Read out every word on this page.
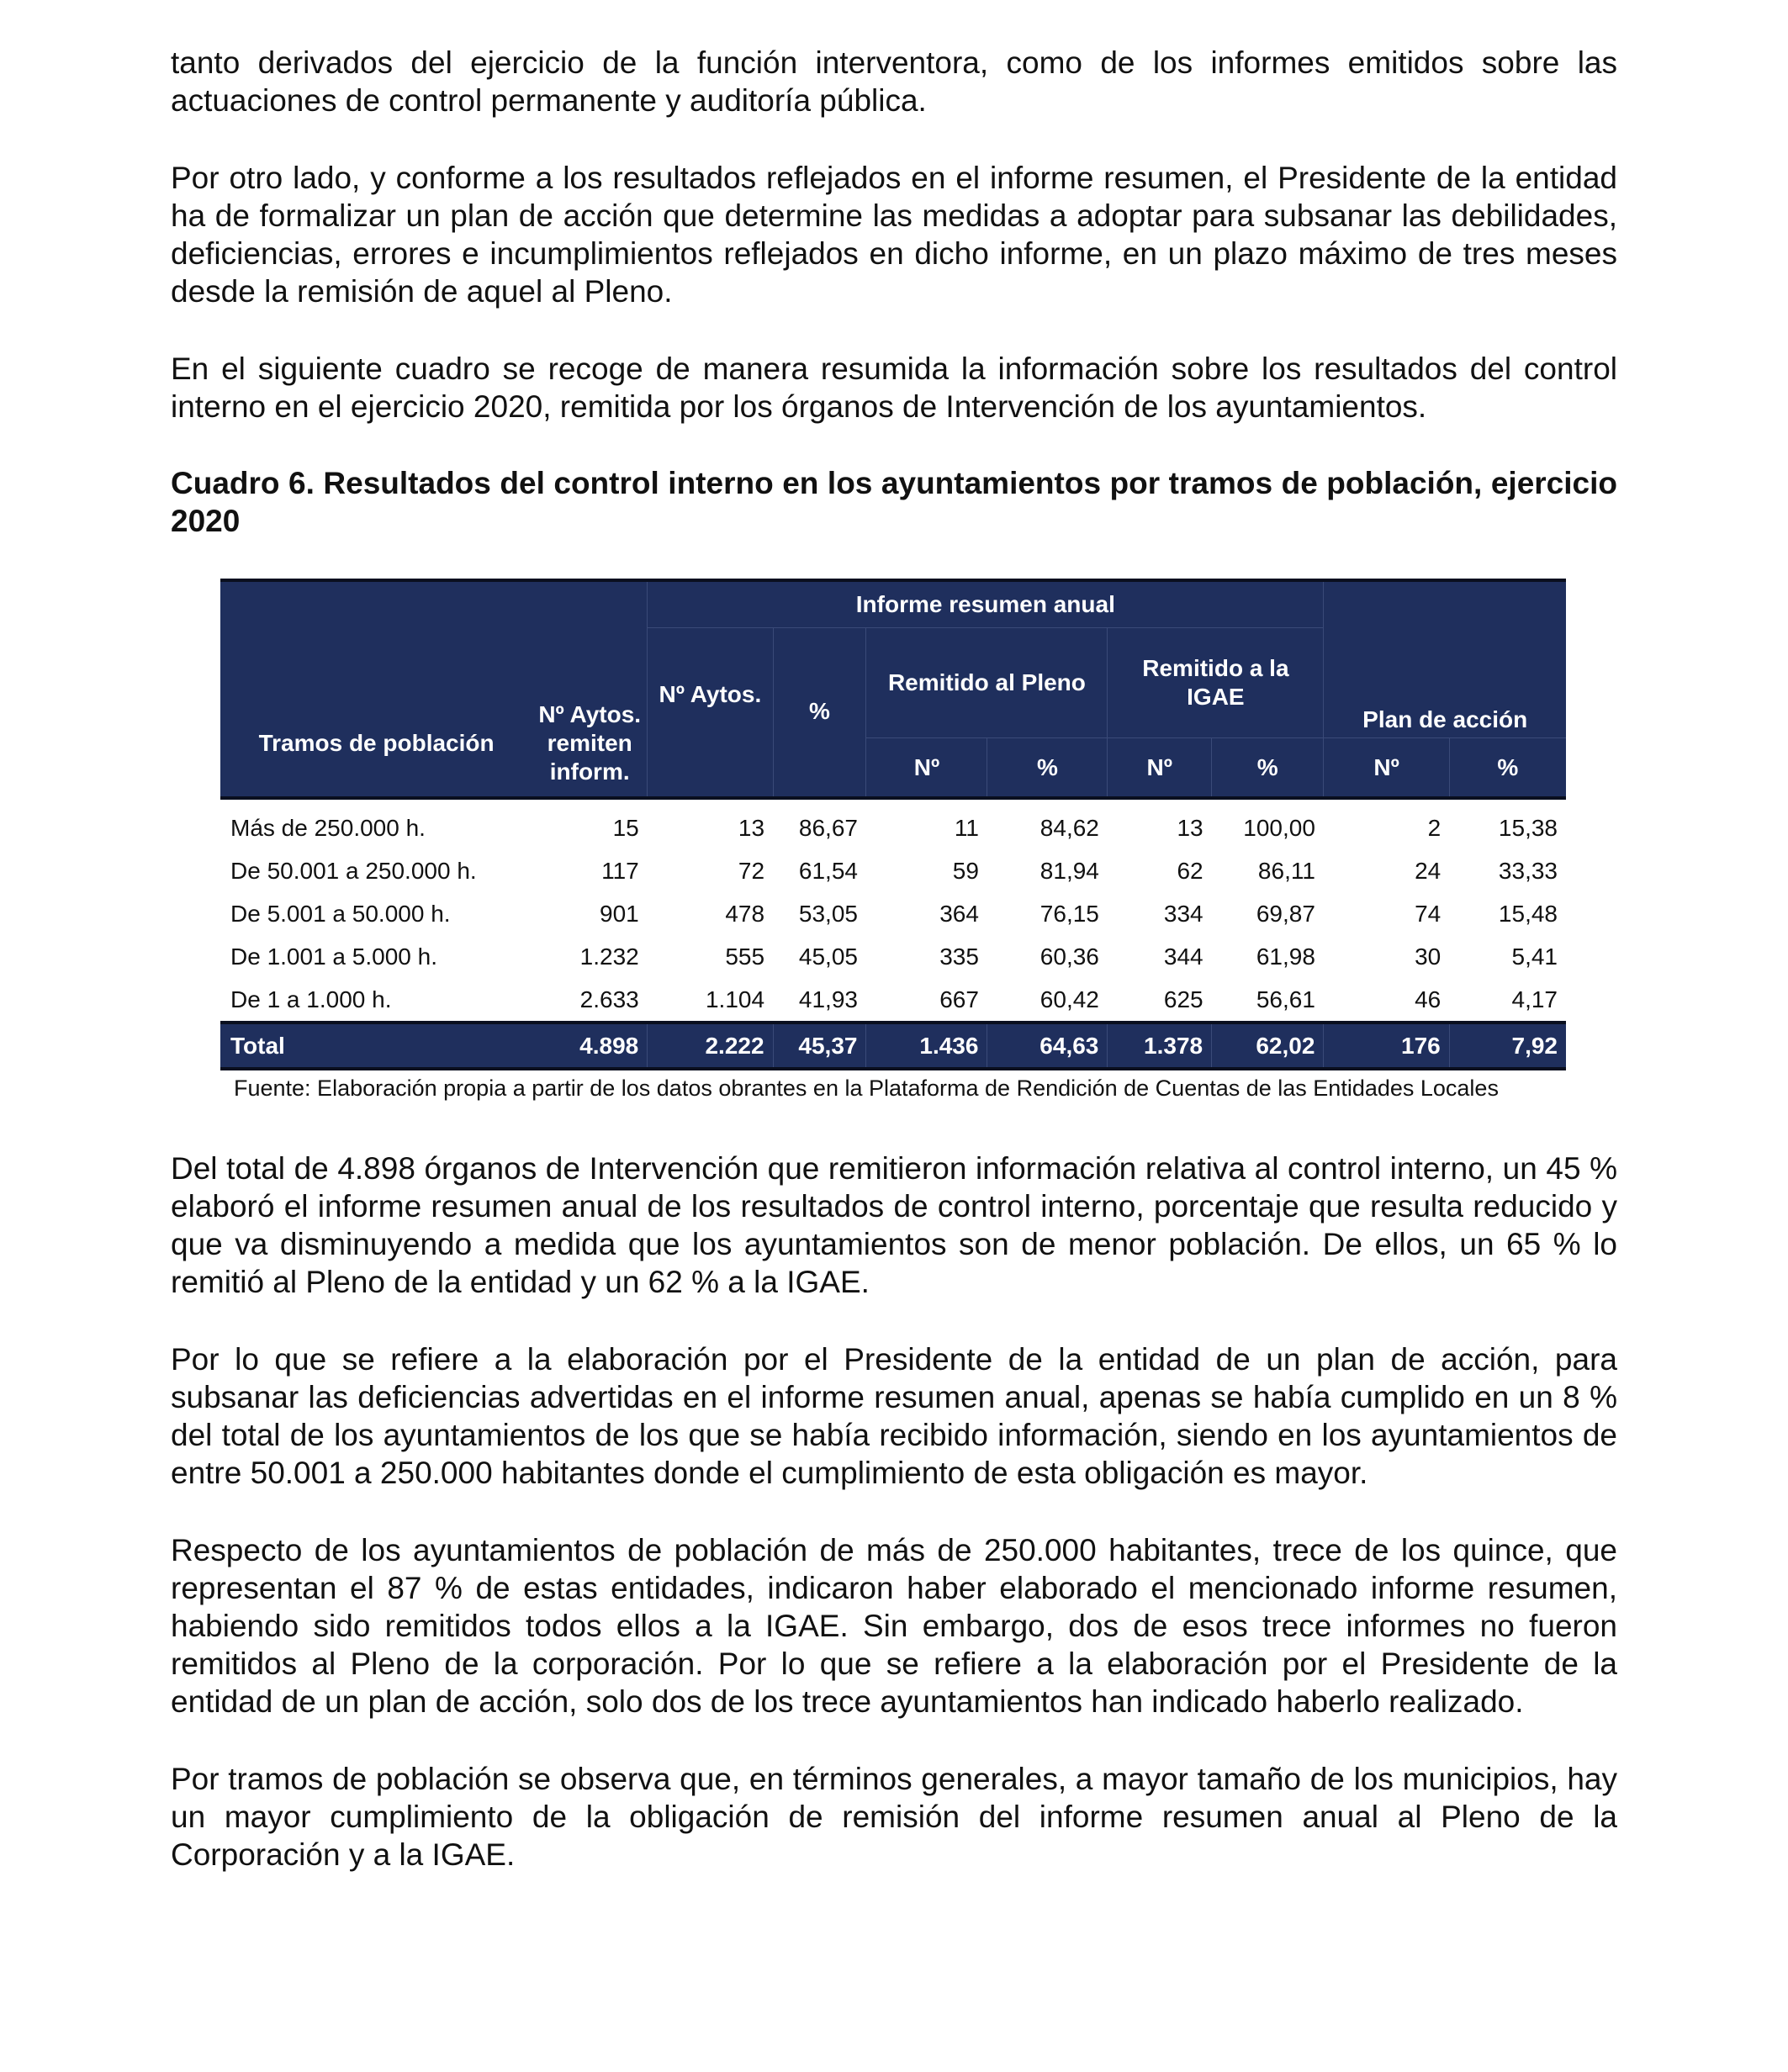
tanto derivados del ejercicio de la función interventora, como de los informes emitidos sobre las actuaciones de control permanente y auditoría pública.

Por otro lado, y conforme a los resultados reflejados en el informe resumen, el Presidente de la entidad ha de formalizar un plan de acción que determine las medidas a adoptar para subsanar las debilidades, deficiencias, errores e incumplimientos reflejados en dicho informe, en un plazo máximo de tres meses desde la remisión de aquel al Pleno.

En el siguiente cuadro se recoge de manera resumida la información sobre los resultados del control interno en el ejercicio 2020, remitida por los órganos de Intervención de los ayuntamientos.

Cuadro 6. Resultados del control interno en los ayuntamientos por tramos de población, ejercicio 2020

Tramos de población	Nº Aytos. remiten inform.	Informe resumen anual						Plan de acción	
		Nº Aytos.	%	Remitido al Pleno		Remitido a la IGAE			
				Nº	%	Nº	%	Nº	%
Más de 250.000 h.	15	13	86,67	11	84,62	13	100,00	2	15,38
De 50.001 a 250.000 h.	117	72	61,54	59	81,94	62	86,11	24	33,33
De 5.001 a 50.000 h.	901	478	53,05	364	76,15	334	69,87	74	15,48
De 1.001 a 5.000 h.	1.232	555	45,05	335	60,36	344	61,98	30	5,41
De 1 a 1.000 h.	2.633	1.104	41,93	667	60,42	625	56,61	46	4,17
Total	4.898	2.222	45,37	1.436	64,63	1.378	62,02	176	7,92
Fuente: Elaboración propia a partir de los datos obrantes en la Plataforma de Rendición de Cuentas de las Entidades Locales

Del total de 4.898 órganos de Intervención que remitieron información relativa al control interno, un 45 % elaboró el informe resumen anual de los resultados de control interno, porcentaje que resulta reducido y que va disminuyendo a medida que los ayuntamientos son de menor población. De ellos, un 65 % lo remitió al Pleno de la entidad y un 62 % a la IGAE.

Por lo que se refiere a la elaboración por el Presidente de la entidad de un plan de acción, para subsanar las deficiencias advertidas en el informe resumen anual, apenas se había cumplido en un 8 % del total de los ayuntamientos de los que se había recibido información, siendo en los ayuntamientos de entre 50.001 a 250.000 habitantes donde el cumplimiento de esta obligación es mayor.

Respecto de los ayuntamientos de población de más de 250.000 habitantes, trece de los quince, que representan el 87 % de estas entidades, indicaron haber elaborado el mencionado informe resumen, habiendo sido remitidos todos ellos a la IGAE. Sin embargo, dos de esos trece informes no fueron remitidos al Pleno de la corporación. Por lo que se refiere a la elaboración por el Presidente de la entidad de un plan de acción, solo dos de los trece ayuntamientos han indicado haberlo realizado.

Por tramos de población se observa que, en términos generales, a mayor tamaño de los municipios, hay un mayor cumplimiento de la obligación de remisión del informe resumen anual al Pleno de la Corporación y a la IGAE.
